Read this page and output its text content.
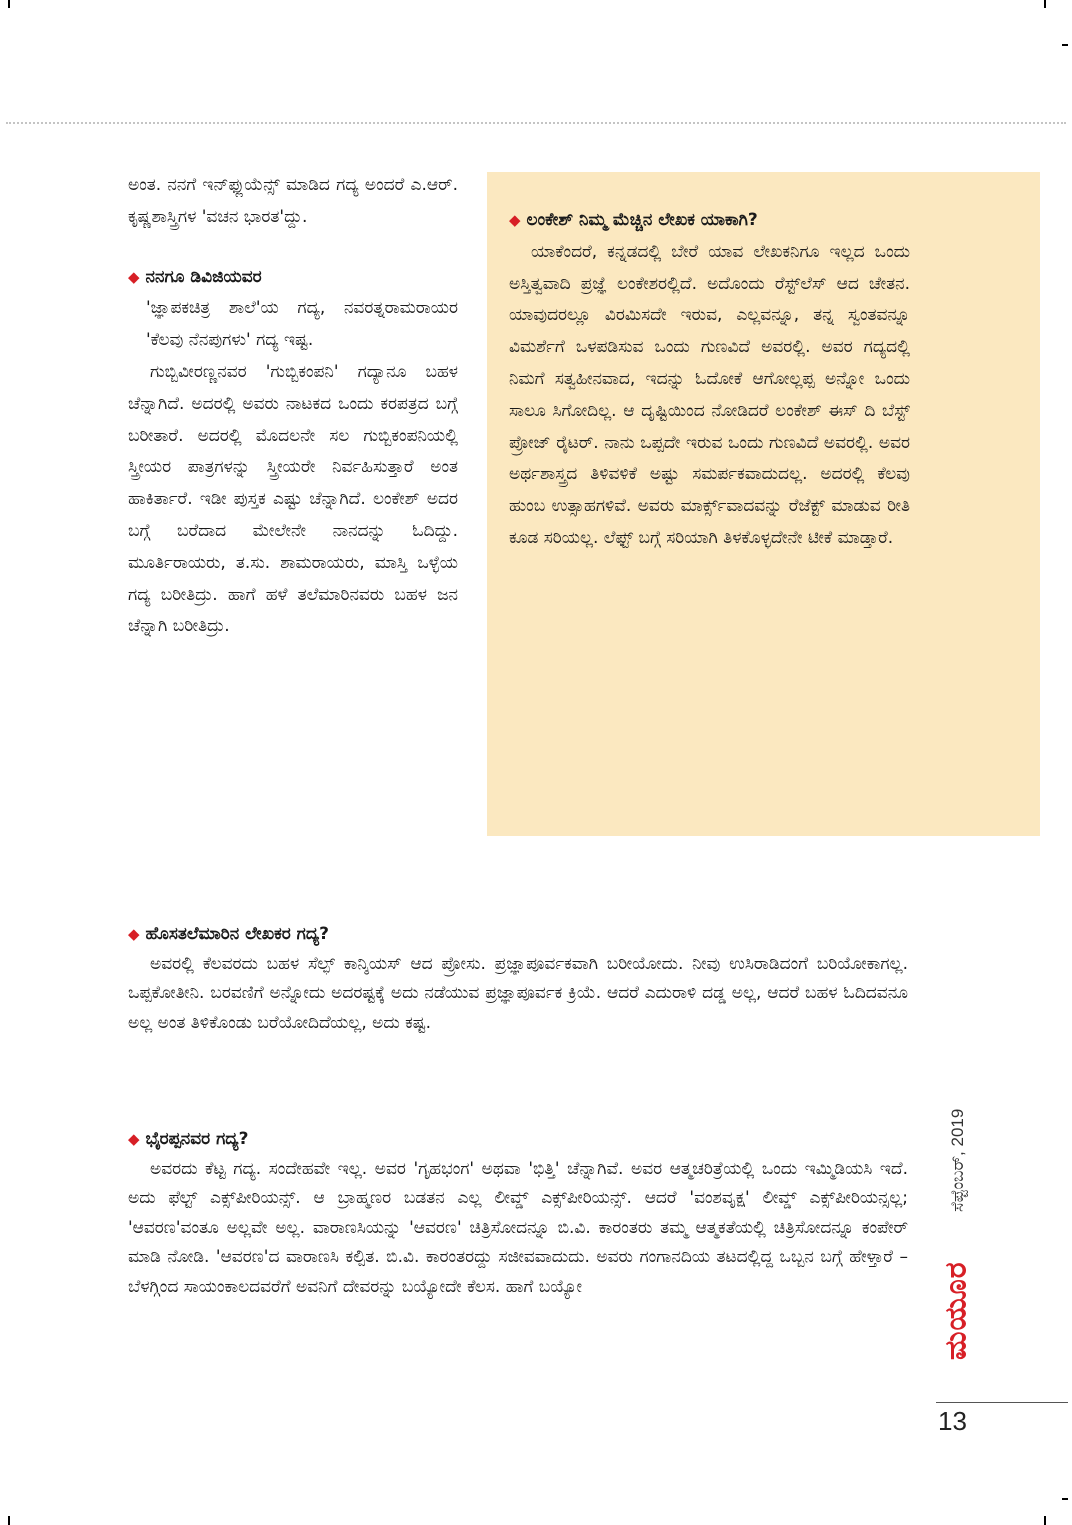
ಅಂತ. ನನಗೆ ಇನ್‌ಫ್ಲುಯೆನ್ಸ್ ಮಾಡಿದ ಗದ್ಯ ಅಂದರೆ ಎ.ಆರ್. ಕೃಷ್ಣಶಾಸ್ತ್ರಿಗಳ 'ವಚನ ಭಾರತ'ದ್ದು.

◆ ನನಗೂ ಡಿವಿಜಿಯವರ

'ಜ್ಞಾಪಕಚಿತ್ರ ಶಾಲೆ'ಯ ಗದ್ಯ, ನವರತ್ನರಾಮರಾಯರ 'ಕೆಲವು ನೆನಪುಗಳು' ಗದ್ಯ ಇಷ್ಟ.

ಗುಬ್ಬಿವೀರಣ್ಣನವರ 'ಗುಬ್ಬಿಕಂಪನಿ' ಗದ್ಯಾನೂ ಬಹಳ ಚೆನ್ನಾಗಿದೆ. ಅದರಲ್ಲಿ ಅವರು ನಾಟಕದ ಒಂದು ಕರಪತ್ರದ ಬಗ್ಗೆ ಬರೀತಾರೆ. ಅದರಲ್ಲಿ ಮೊದಲನೇ ಸಲ ಗುಬ್ಬಿಕಂಪನಿಯಲ್ಲಿ ಸ್ತ್ರೀಯರ ಪಾತ್ರಗಳನ್ನು ಸ್ತ್ರೀಯರೇ ನಿರ್ವಹಿಸುತ್ತಾರೆ ಅಂತ ಹಾಕಿರ್ತಾರೆ. ಇಡೀ ಪುಸ್ತಕ ಎಷ್ಟು ಚೆನ್ನಾಗಿದೆ. ಲಂಕೇಶ್ ಅದರ ಬಗ್ಗೆ ಬರೆದಾದ ಮೇಲೇನೇ ನಾನದನ್ನು ಓದಿದ್ದು. ಮೂರ್ತಿರಾಯರು, ತ.ಸು. ಶಾಮರಾಯರು, ಮಾಸ್ತಿ ಒಳ್ಳೆಯ ಗದ್ಯ ಬರೀತಿದ್ರು. ಹಾಗೆ ಹಳೆ ತಲೆಮಾರಿನವರು ಬಹಳ ಜನ ಚೆನ್ನಾಗಿ ಬರೀತಿದ್ರು.

◆ ಲಂಕೇಶ್ ನಿಮ್ಮ ಮೆಚ್ಚಿನ ಲೇಖಕ ಯಾಕಾಗಿ?

ಯಾಕೆಂದರೆ, ಕನ್ನಡದಲ್ಲಿ ಬೇರೆ ಯಾವ ಲೇಖಕನಿಗೂ ಇಲ್ಲದ ಒಂದು ಅಸ್ತಿತ್ವವಾದಿ ಪ್ರಜ್ಞೆ ಲಂಕೇಶರಲ್ಲಿದೆ. ಅದೊಂದು ರೆಸ್ಟ್‌ಲೆಸ್ ಆದ ಚೇತನ. ಯಾವುದರಲ್ಲೂ ವಿರಮಿಸದೇ ಇರುವ, ಎಲ್ಲವನ್ನೂ, ತನ್ನ ಸ್ವಂತವನ್ನೂ ವಿಮರ್ಶೆಗೆ ಒಳಪಡಿಸುವ ಒಂದು ಗುಣವಿದೆ ಅವರಲ್ಲಿ. ಅವರ ಗದ್ಯದಲ್ಲಿ ನಿಮಗೆ ಸತ್ವಹೀನವಾದ, ಇದನ್ನು ಓದೋಕೆ ಆಗೋಲ್ಲಪ್ಪ ಅನ್ನೋ ಒಂದು ಸಾಲೂ ಸಿಗೋದಿಲ್ಲ. ಆ ದೃಷ್ಟಿಯಿಂದ ನೋಡಿದರೆ ಲಂಕೇಶ್ ಈಸ್ ದಿ ಬೆಸ್ಟ್ ಪ್ರೋಜ್ ರೈಟರ್. ನಾನು ಒಪ್ಪದೇ ಇರುವ ಒಂದು ಗುಣವಿದೆ ಅವರಲ್ಲಿ. ಅವರ ಅರ್ಥಶಾಸ್ತ್ರದ ತಿಳಿವಳಿಕೆ ಅಷ್ಟು ಸಮರ್ಪಕವಾದುದಲ್ಲ. ಅದರಲ್ಲಿ ಕೆಲವು ಹುಂಬ ಉತ್ಸಾಹಗಳಿವೆ. ಅವರು ಮಾರ್ಕ್ಸ್‌ವಾದವನ್ನು ರೆಜೆಕ್ಟ್ ಮಾಡುವ ರೀತಿ ಕೂಡ ಸರಿಯಲ್ಲ. ಲೆಫ್ಟ್ ಬಗ್ಗೆ ಸರಿಯಾಗಿ ತಿಳಕೊಳ್ಳದೇನೇ ಟೀಕೆ ಮಾಡ್ತಾರೆ.

◆ ಹೊಸತಲೆಮಾರಿನ ಲೇಖಕರ ಗದ್ಯ?

ಅವರಲ್ಲಿ ಕೆಲವರದು ಬಹಳ ಸೆಲ್ಫ್ ಕಾನ್ಶಿಯಸ್ ಆದ ಪ್ರೋಸು. ಪ್ರಜ್ಞಾಪೂರ್ವಕವಾಗಿ ಬರೀಯೋದು. ನೀವು ಉಸಿರಾಡಿದಂಗೆ ಬರಿಯೋಕಾಗಲ್ಲ. ಒಪ್ಪಕೋತೀನಿ. ಬರವಣಿಗೆ ಅನ್ನೋದು ಅದರಷ್ಟಕ್ಕೆ ಅದು ನಡೆಯುವ ಪ್ರಜ್ಞಾಪೂರ್ವಕ ಕ್ರಿಯೆ. ಆದರೆ ಎದುರಾಳಿ ದಡ್ಡ ಅಲ್ಲ, ಆದರೆ ಬಹಳ ಓದಿದವನೂ ಅಲ್ಲ ಅಂತ ತಿಳಿಕೊಂಡು ಬರೆಯೋದಿದೆಯಲ್ಲ, ಅದು ಕಷ್ಟ.

◆ ಭೈರಪ್ಪನವರ ಗದ್ಯ?

ಅವರದು ಕೆಟ್ಟ ಗದ್ಯ. ಸಂದೇಹವೇ ಇಲ್ಲ. ಅವರ 'ಗೃಹಭಂಗ' ಅಥವಾ 'ಭಿತ್ತಿ' ಚೆನ್ನಾಗಿವೆ. ಅವರ ಆತ್ಮಚರಿತ್ರೆಯಲ್ಲಿ ಒಂದು ಇಮ್ಮಿಡಿಯಸಿ ಇದೆ. ಅದು ಫೆಲ್ಟ್ ಎಕ್ಸ್‌ಪೀರಿಯನ್ಸ್. ಆ ಬ್ರಾಹ್ಮಣರ ಬಡತನ ಎಲ್ಲ ಲೀವ್ಡ್ ಎಕ್ಸ್‌ಪೀರಿಯನ್ಸ್. ಆದರೆ 'ವಂಶವೃಕ್ಷ' ಲೀವ್ಡ್ ಎಕ್ಸ್‌ಪೀರಿಯನ್ಸಲ್ಲ; 'ಆವರಣ'ವಂತೂ ಅಲ್ಲವೇ ಅಲ್ಲ. ವಾರಾಣಸಿಯನ್ನು 'ಆವರಣ' ಚಿತ್ರಿಸೋದನ್ನೂ ಬಿ.ವಿ. ಕಾರಂತರು ತಮ್ಮ ಆತ್ಮಕತೆಯಲ್ಲಿ ಚಿತ್ರಿಸೋದನ್ನೂ ಕಂಪೇರ್ ಮಾಡಿ ನೋಡಿ. 'ಆವರಣ'ದ ವಾರಾಣಸಿ ಕಲ್ಪಿತ. ಬಿ.ವಿ. ಕಾರಂತರದ್ದು ಸಜೀವವಾದುದು. ಅವರು ಗಂಗಾನದಿಯ ತಟದಲ್ಲಿದ್ದ ಒಬ್ಬನ ಬಗ್ಗೆ ಹೇಳ್ತಾರೆ – ಬೆಳಗ್ಗಿಂದ ಸಾಯಂಕಾಲದವರೆಗೆ ಅವನಿಗೆ ದೇವರನ್ನು ಬಯ್ಯೋದೇ ಕೆಲಸ. ಹಾಗೆ ಬಯ್ಯೋ

ಸೆಪ್ಟೆಂಬರ್, 2019
ಮಯೂರ
13
